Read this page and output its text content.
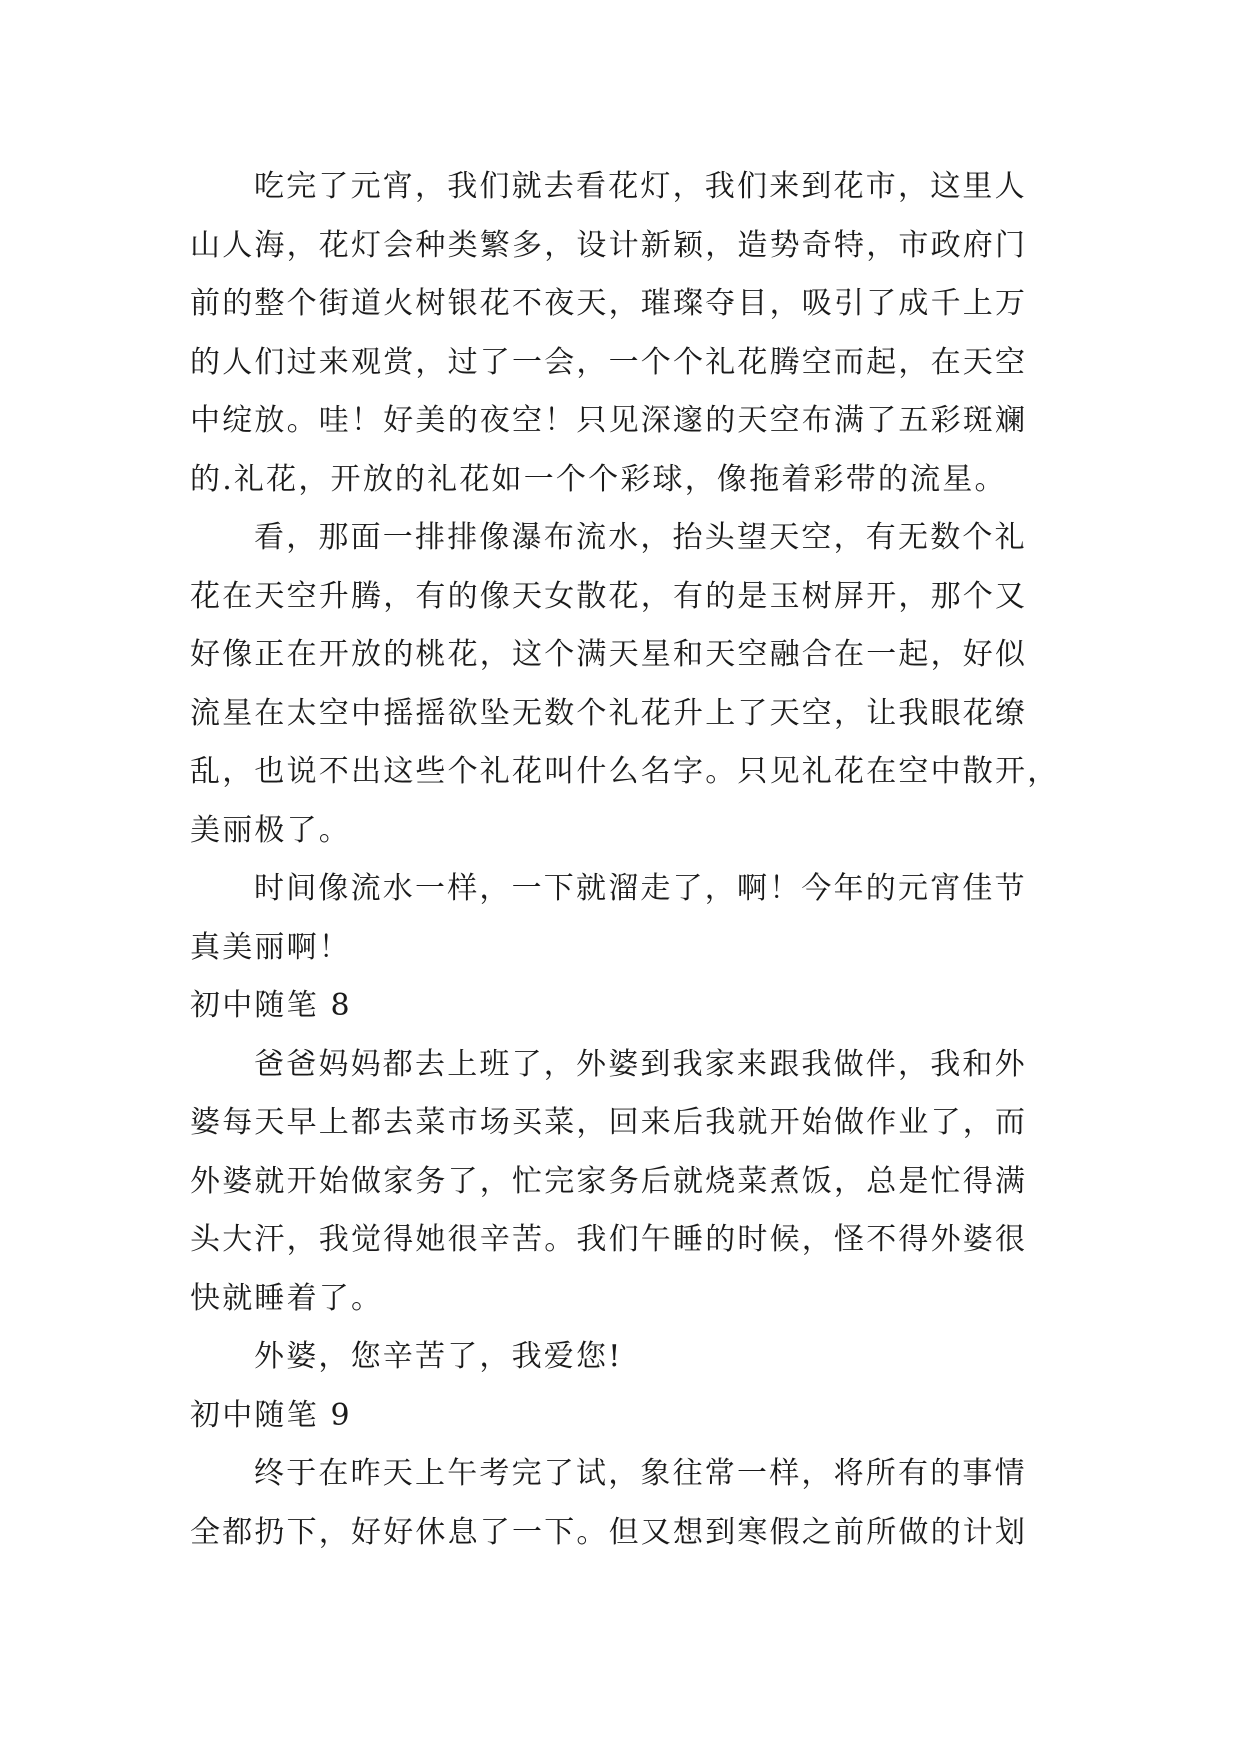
吃完了元宵，我们就去看花灯，我们来到花市，这里人
山人海，花灯会种类繁多，设计新颖，造势奇特，市政府门
前的整个街道火树银花不夜天，璀璨夺目，吸引了成千上万
的人们过来观赏，过了一会，一个个礼花腾空而起，在天空
中绽放。哇！好美的夜空！只见深邃的天空布满了五彩斑斓
的.礼花，开放的礼花如一个个彩球，像拖着彩带的流星。
看，那面一排排像瀑布流水，抬头望天空，有无数个礼
花在天空升腾，有的像天女散花，有的是玉树屏开，那个又
好像正在开放的桃花，这个满天星和天空融合在一起，好似
流星在太空中摇摇欲坠无数个礼花升上了天空，让我眼花缭
乱，也说不出这些个礼花叫什么名字。只见礼花在空中散开，
美丽极了。
时间像流水一样，一下就溜走了，啊！今年的元宵佳节
真美丽啊！
初中随笔 8
爸爸妈妈都去上班了，外婆到我家来跟我做伴，我和外
婆每天早上都去菜市场买菜，回来后我就开始做作业了，而
外婆就开始做家务了，忙完家务后就烧菜煮饭，总是忙得满
头大汗，我觉得她很辛苦。我们午睡的时候，怪不得外婆很
快就睡着了。
外婆，您辛苦了，我爱您!
初中随笔 9
终于在昨天上午考完了试，象往常一样，将所有的事情
全都扔下，好好休息了一下。但又想到寒假之前所做的计划
